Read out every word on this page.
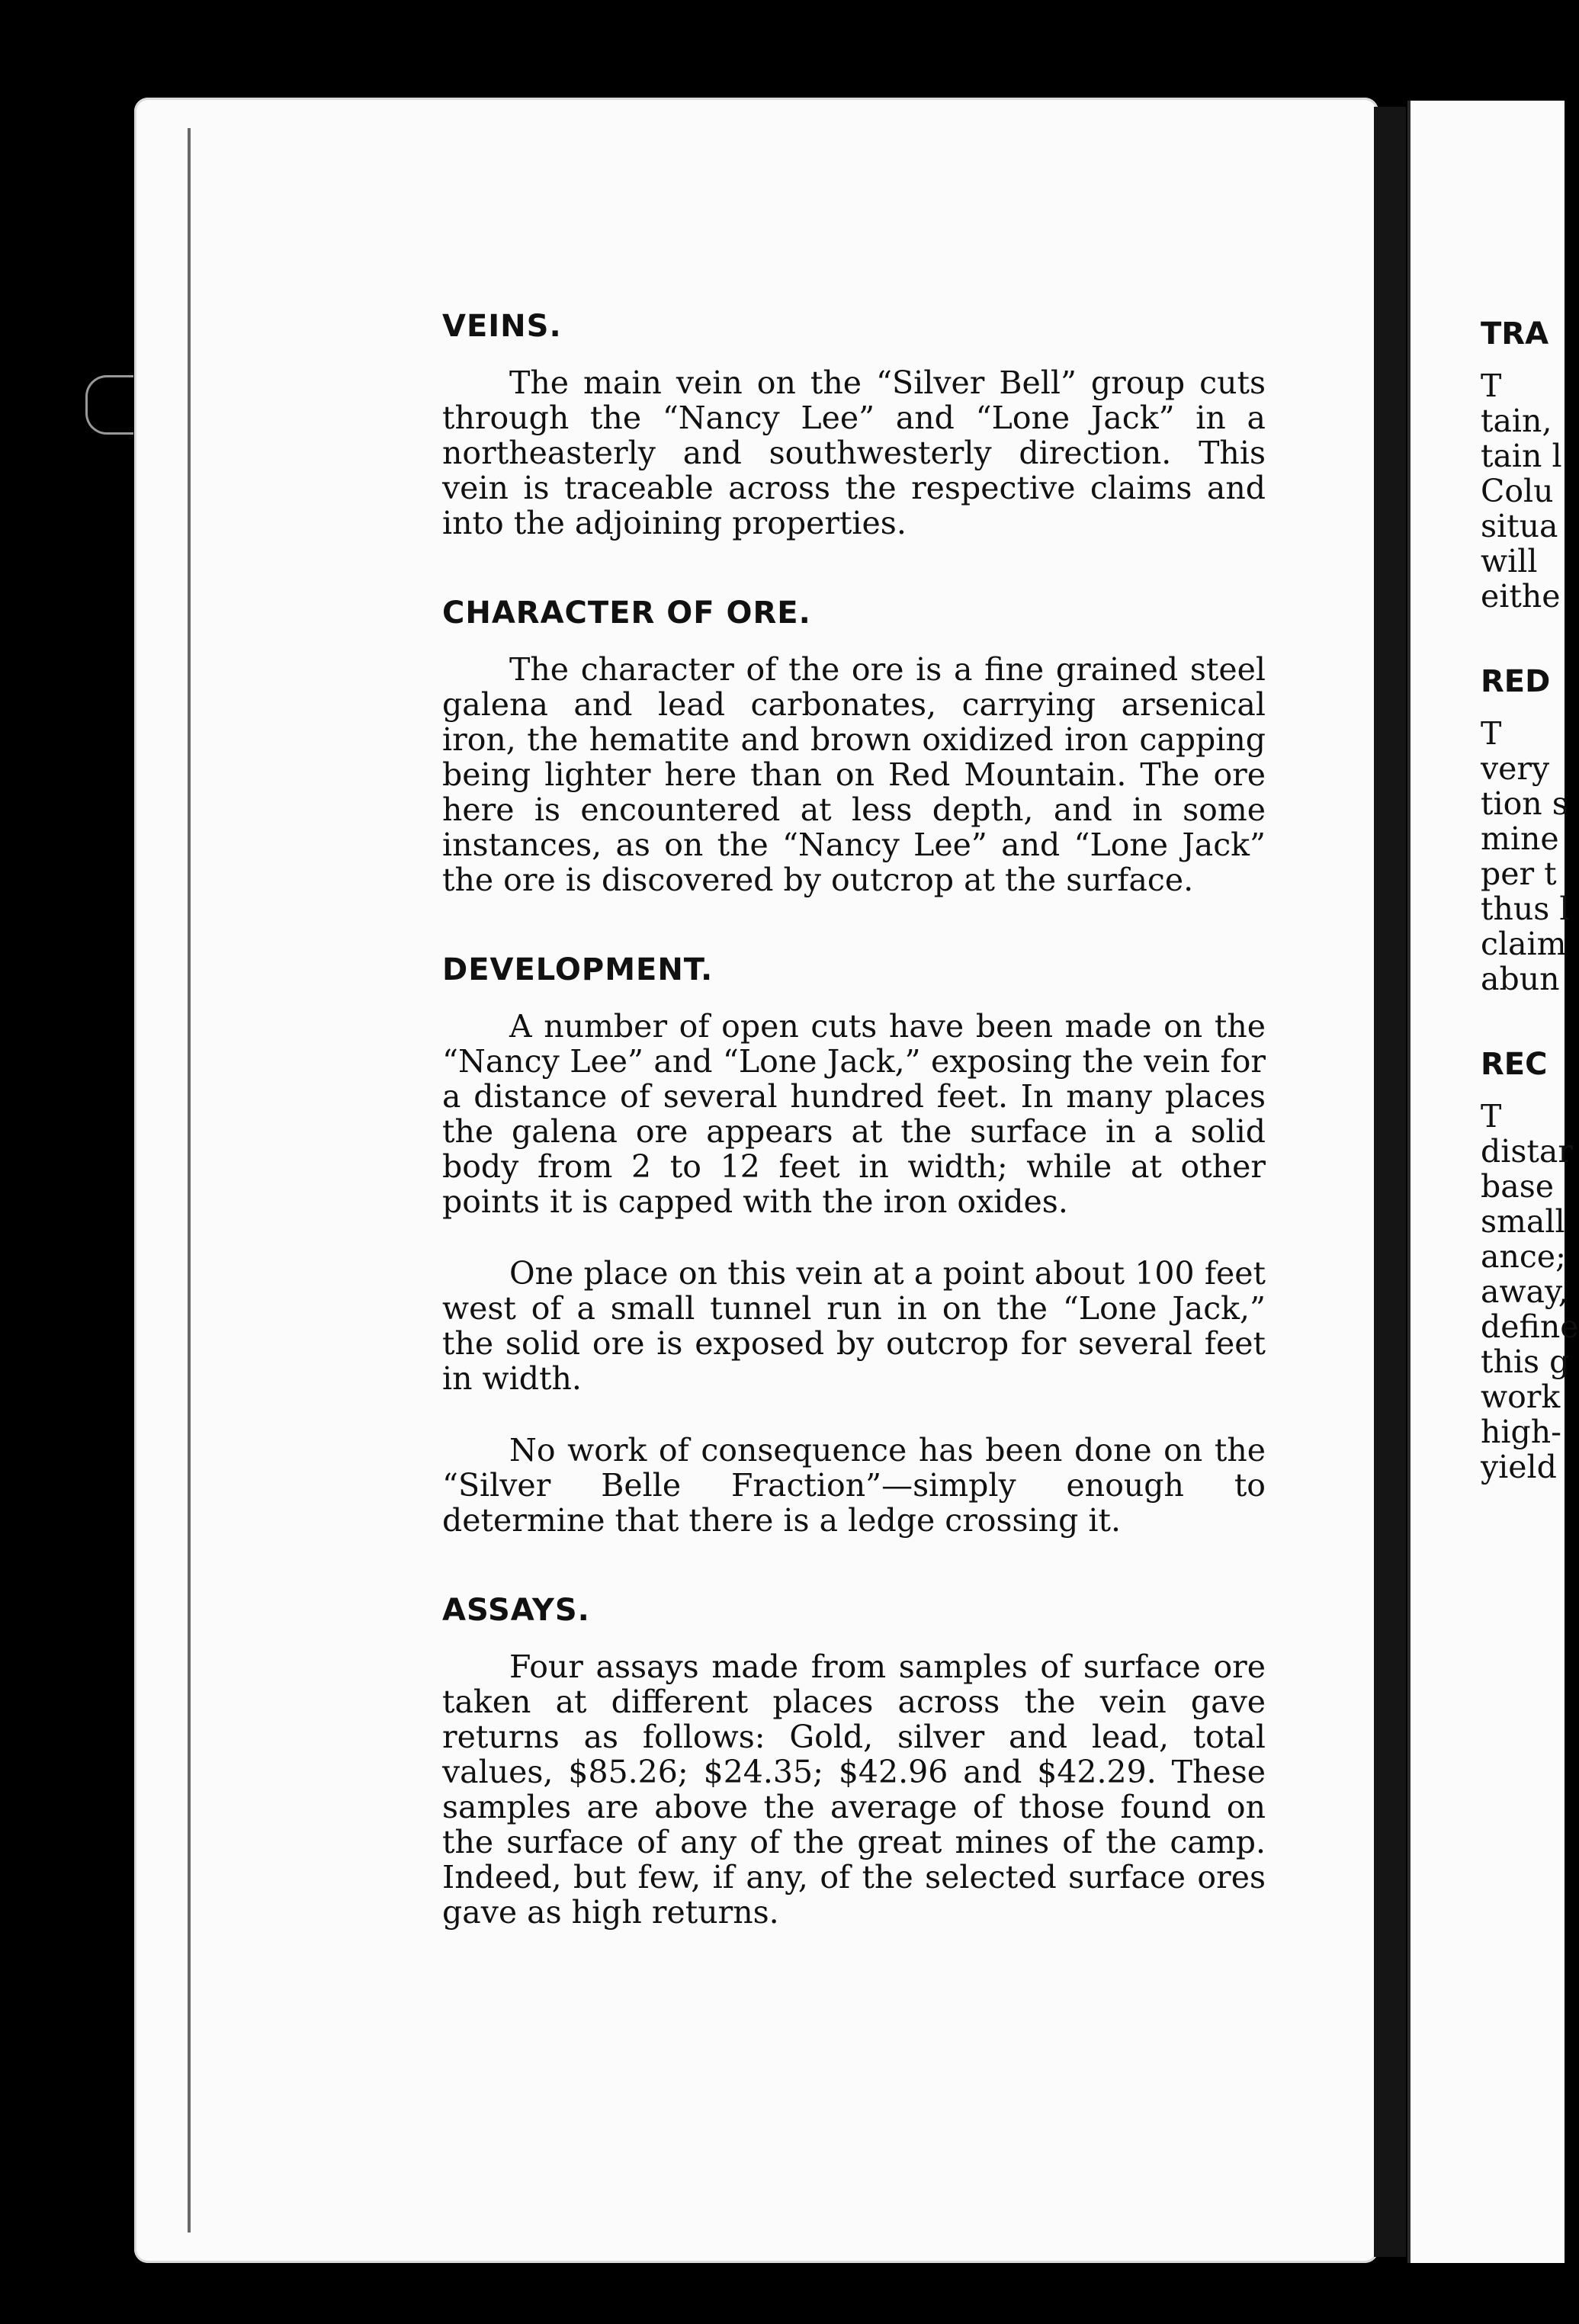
VEINS.

The main vein on the “Silver Bell” group cuts through the “Nancy Lee” and “Lone Jack” in a northeasterly and southwesterly direction. This vein is traceable across the respective claims and into the adjoining properties.

CHARACTER OF ORE.

The character of the ore is a fine grained steel galena and lead carbonates, carrying arsenical iron, the hematite and brown oxidized iron capping being lighter here than on Red Mountain. The ore here is encountered at less depth, and in some instances, as on the “Nancy Lee” and “Lone Jack” the ore is discovered by outcrop at the surface.

DEVELOPMENT.

A number of open cuts have been made on the “Nancy Lee” and “Lone Jack,” exposing the vein for a distance of several hundred feet. In many places the galena ore appears at the surface in a solid body from 2 to 12 feet in width; while at other points it is capped with the iron oxides.

One place on this vein at a point about 100 feet west of a small tunnel run in on the “Lone Jack,” the solid ore is exposed by outcrop for several feet in width.

No work of consequence has been done on the “Silver Belle Fraction”—simply enough to determine that there is a ledge crossing it.

ASSAYS.

Four assays made from samples of surface ore taken at different places across the vein gave returns as follows: Gold, silver and lead, total values, $85.26; $24.35; $42.96 and $42.29. These samples are above the average of those found on the surface of any of the great mines of the camp. Indeed, but few, if any, of the selected surface ores gave as high returns.

TRA
T
tain,
tain l
Colu
situa
will
eithe
RED
T
very
tion s
mine
per t
thus l
claim
abun
REC
T
distar
base
small
ance;
away,
define
this g
work
high-
yield
